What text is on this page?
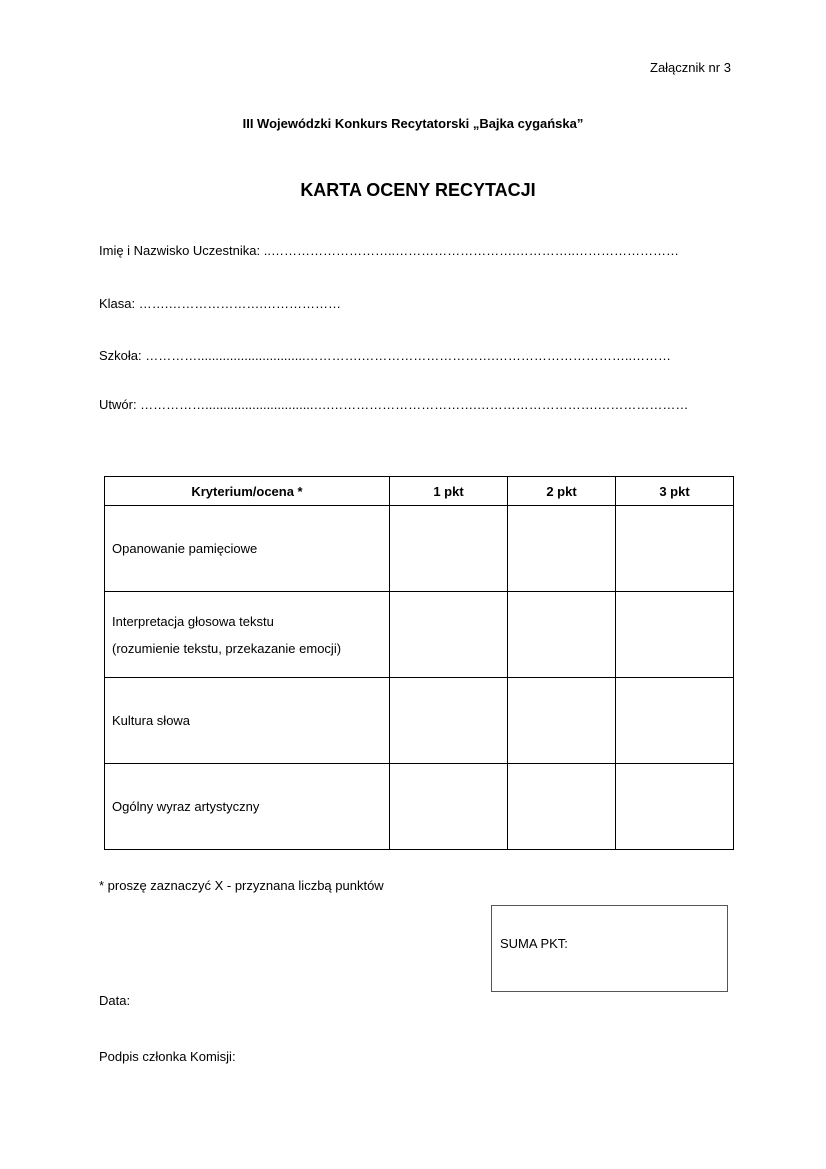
Załącznik nr 3
III Wojewódzki Konkurs Recytatorski „Bajka cygańska”
KARTA OCENY RECYTACJI
Imię i Nazwisko Uczestnika: ..………………………..……………………….…………..……………………
Klasa: …….………………….………………
Szkoła: …………..............................………….………………………….…………………………..………
Utwór: ……………..............................….…………………………….……………………….…………………
Kryterium/ocena *	1 pkt	2 pkt	3 pkt

Opanowanie pamięciowe			

Interpretacja głosowa tekstu
(rozumienie tekstu, przekazanie emocji)			

Kultura słowa			

Ogólny wyraz artystyczny			

* proszę zaznaczyć X - przyznana liczbą punktów
SUMA PKT:
Data:
Podpis członka Komisji:
